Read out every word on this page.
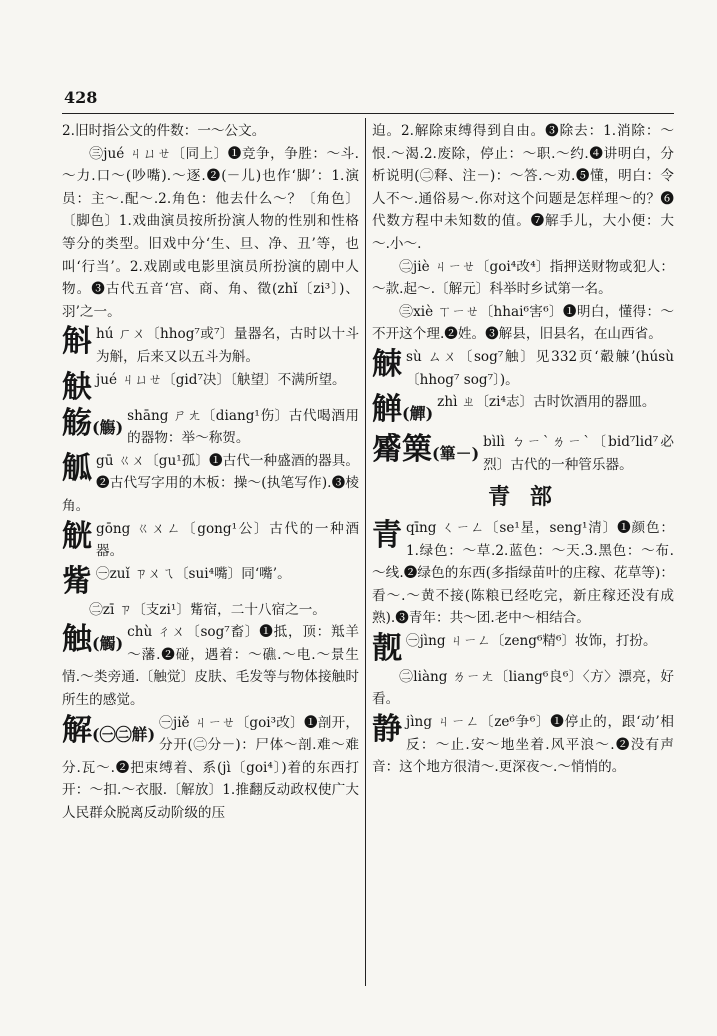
428

2.旧时指公文的件数：一～公文。

㊂jué ㄐㄩㄝ〔同上〕❶竞争，争胜：～斗.～力.口～(吵嘴).～逐.❷(－儿)也作‘脚’：1.演员：主～.配～.2.角色：他去什么～？〔角色〕〔脚色〕1.戏曲演员按所扮演人物的性别和性格等分的类型。旧戏中分‘生、旦、净、丑’等，也叫‘行当’。2.戏剧或电影里演员所扮演的剧中人物。❸古代五音‘宫、商、角、徵(zhǐ〔zi³〕)、羽’之一。

斛 hú ㄏㄨ〔hhog⁷或⁷〕量器名，古时以十斗为斛，后来又以五斗为斛。

觖 jué ㄐㄩㄝ〔gid⁷决〕〔觖望〕不满所望。

觞(觴)

shāng ㄕㄤ〔diang¹伤〕古代喝酒用的器物：举～称贺。

觚 gū ㄍㄨ〔gu¹孤〕❶古代一种盛酒的器具。❷古代写字用的木板：操～(执笔写作).❸棱角。

觥 gōng ㄍㄨㄥ〔gong¹公〕古代的一种酒器。

觜 ㊀zuǐ ㄗㄨㄟ〔sui⁴嘴〕同‘嘴’。

㊁zī ㄗ〔支zi¹〕觜宿，二十八宿之一。

触(觸)

chù ㄔㄨ〔sog⁷畜〕❶抵，顶：羝羊～藩.❷碰，遇着：～礁.～电.～景生情.～类旁通.〔触觉〕皮肤、毛发等与物体接触时所生的感觉。

解(㊀㊁觧)

㊀jiě ㄐㄧㄝ〔goi³改〕❶剖开，分开(㊁分－)：尸体～剖.难～难分.瓦～.❷把束缚着、系(jì〔goi⁴〕)着的东西打开：～扣.～衣服.〔解放〕1.推翻反动政权使广大人民群众脱离反动阶级的压

迫。2.解除束缚得到自由。❸除去：1.消除：～恨.～渴.2.废除，停止：～职.～约.❹讲明白，分析说明(㊁释、注－)：～答.～劝.❺懂，明白：令人不～.通俗易～.你对这个问题是怎样理～的？❻代数方程中未知数的值。❼解手儿，大小便：大～.小～.

㊁jiè ㄐㄧㄝ〔goi⁴改⁴〕指押送财物或犯人：～款.起～.〔解元〕科举时乡试第一名。

㊂xiè ㄒㄧㄝ〔hhai⁶害⁶〕❶明白，懂得：～不开这个理.❷姓。❸解县，旧县名，在山西省。

觫 sù ㄙㄨ〔sog⁷触〕见332页‘觳觫’(húsù〔hhog⁷ sog⁷〕)。

觯(觶)

zhì ㄓ〔zi⁴志〕古时饮酒用的器皿。

觱篥(篳－)

bìlì ㄅㄧˋㄌㄧˋ〔bid⁷lid⁷必烈〕古代的一种管乐器。

青 部
青 qīng ㄑㄧㄥ〔se¹星，seng¹清〕❶颜色：1.绿色：～草.2.蓝色：～天.3.黑色：～布.～线.❷绿色的东西(多指绿苗叶的庄稼、花草等)：看～.～黄不接(陈粮已经吃完，新庄稼还没有成熟).❸青年：共～团.老中～相结合。

靓 ㊀jìng ㄐㄧㄥ〔zeng⁶精⁶〕妆饰，打扮。

㊁liàng ㄌㄧㄤ〔liang⁶良⁶〕〈方〉漂亮，好看。

静 jìng ㄐㄧㄥ〔ze⁶争⁶〕❶停止的，跟‘动’相反：～止.安～地坐着.风平浪～.❷没有声音：这个地方很清～.更深夜～.～悄悄的。
